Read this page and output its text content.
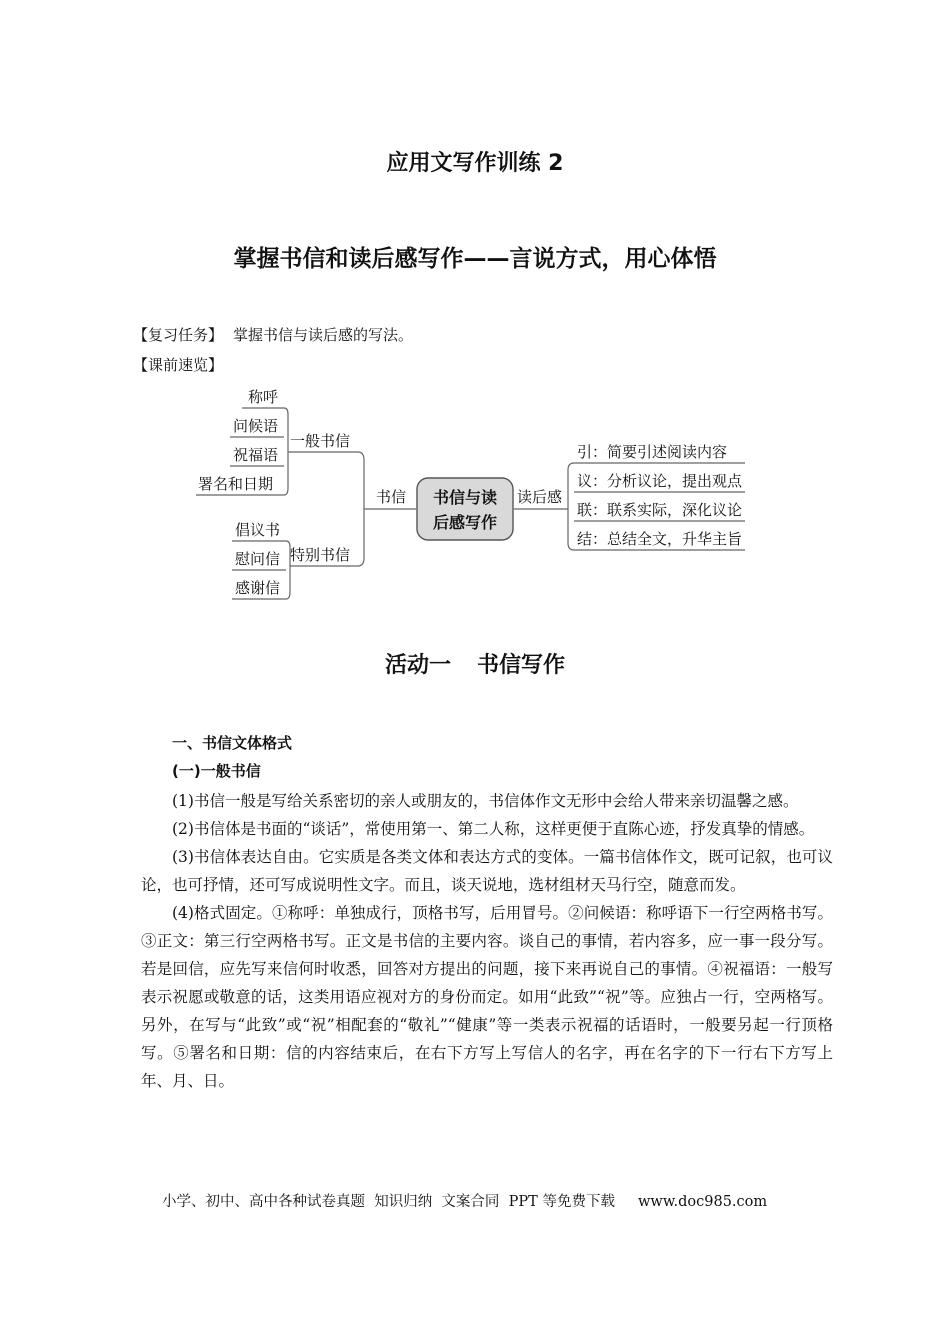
应用文写作训练 2
掌握书信和读后感写作——言说方式，用心体悟
【复习任务】 掌握书信与读后感的写法。
【课前速览】
书信与读
后感写作
称呼
问候语
祝福语
署名和日期
一般书信
倡议书
慰问信
感谢信
特别书信
书信	读后感
引：简要引述阅读内容
议：分析议论，提出观点
联：联系实际，深化议论
结：总结全文，升华主旨
活动一 书信写作
一、书信文体格式
(一)一般书信

(1)书信一般是写给关系密切的亲人或朋友的，书信体作文无形中会给人带来亲切温馨之感。

(2)书信体是书面的“谈话”，常使用第一、第二人称，这样更便于直陈心迹，抒发真挚的情感。

(3)书信体表达自由。它实质是各类文体和表达方式的变体。一篇书信体作文，既可记叙，也可议论，也可抒情，还可写成说明性文字。而且，谈天说地，选材组材天马行空，随意而发。

(4)格式固定。①称呼：单独成行，顶格书写，后用冒号。②问候语：称呼语下一行空两格书写。③正文：第三行空两格书写。正文是书信的主要内容。谈自己的事情，若内容多，应一事一段分写。若是回信，应先写来信何时收悉，回答对方提出的问题，接下来再说自己的事情。④祝福语：一般写表示祝愿或敬意的话，这类用语应视对方的身份而定。如用“此致”“祝”等。应独占一行，空两格写。另外，在写与“此致”或“祝”相配套的“敬礼”“健康”等一类表示祝福的话语时，一般要另起一行顶格写。⑤署名和日期：信的内容结束后，在右下方写上写信人的名字，再在名字的下一行右下方写上年、月、日。

小学、初中、高中各种试卷真题  知识归纳  文案合同  PPT 等免费下载     www.doc985.com
